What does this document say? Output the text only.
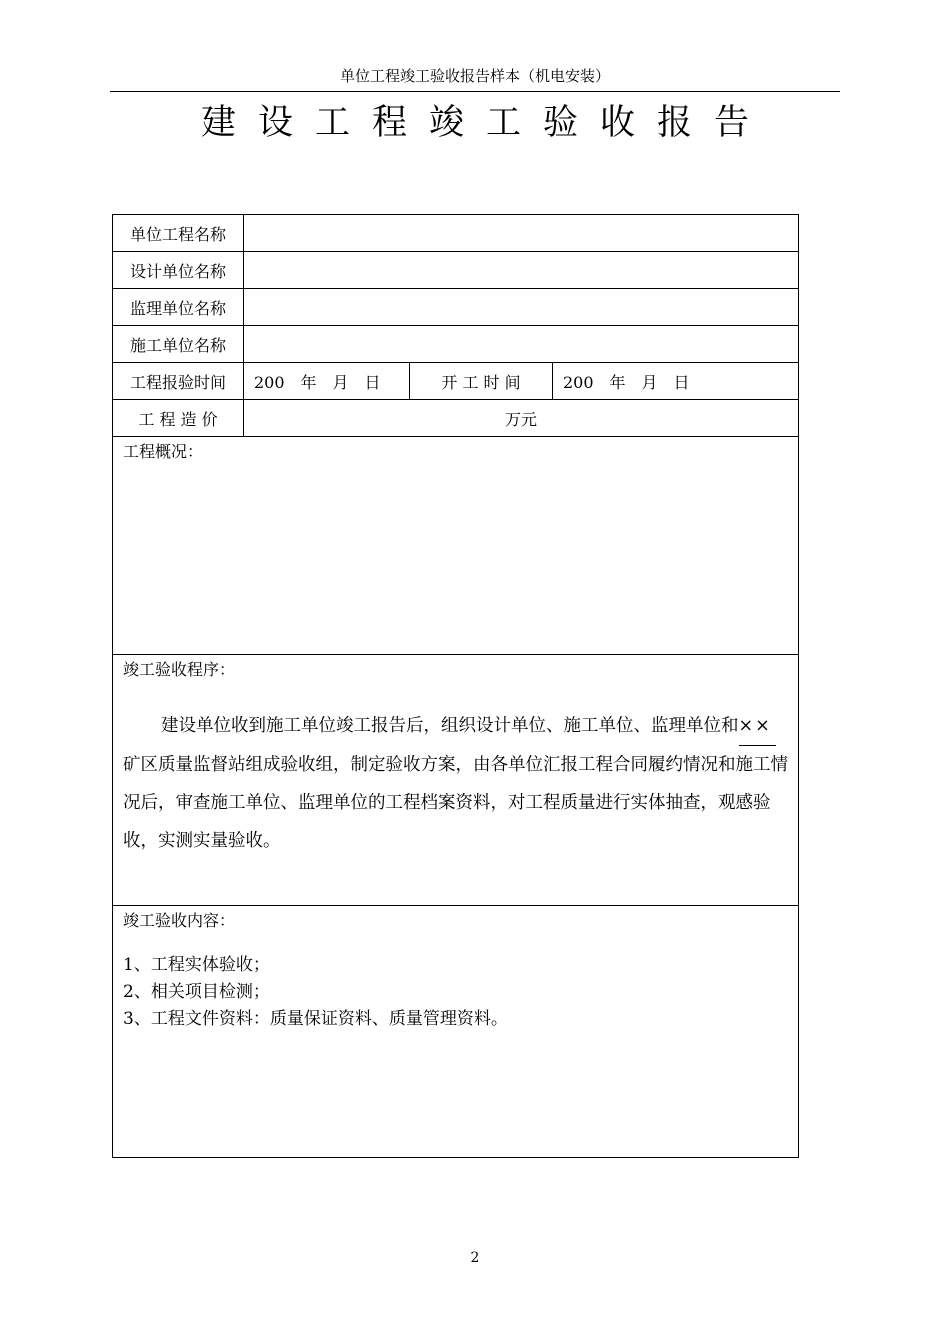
单位工程竣工验收报告样本（机电安装）
建设工程竣工验收报告
单位工程名称			
设计单位名称			
监理单位名称			
施工单位名称			
工程报验时间	200　年　月　日	开 工 时 间	200　年　月　日
工 程 造 价	万元		

工程概况：			

竣工验收程序：
建设单位收到施工单位竣工报告后，组织设计单位、施工单位、监理单位和××矿区质量监督站组成验收组，制定验收方案，由各单位汇报工程合同履约情况和施工情况后，审查施工单位、监理单位的工程档案资料，对工程质量进行实体抽查，观感验收，实测实量验收。			

竣工验收内容：
1、工程实体验收；
2、相关项目检测；
3、工程文件资料：质量保证资料、质量管理资料。			
2
